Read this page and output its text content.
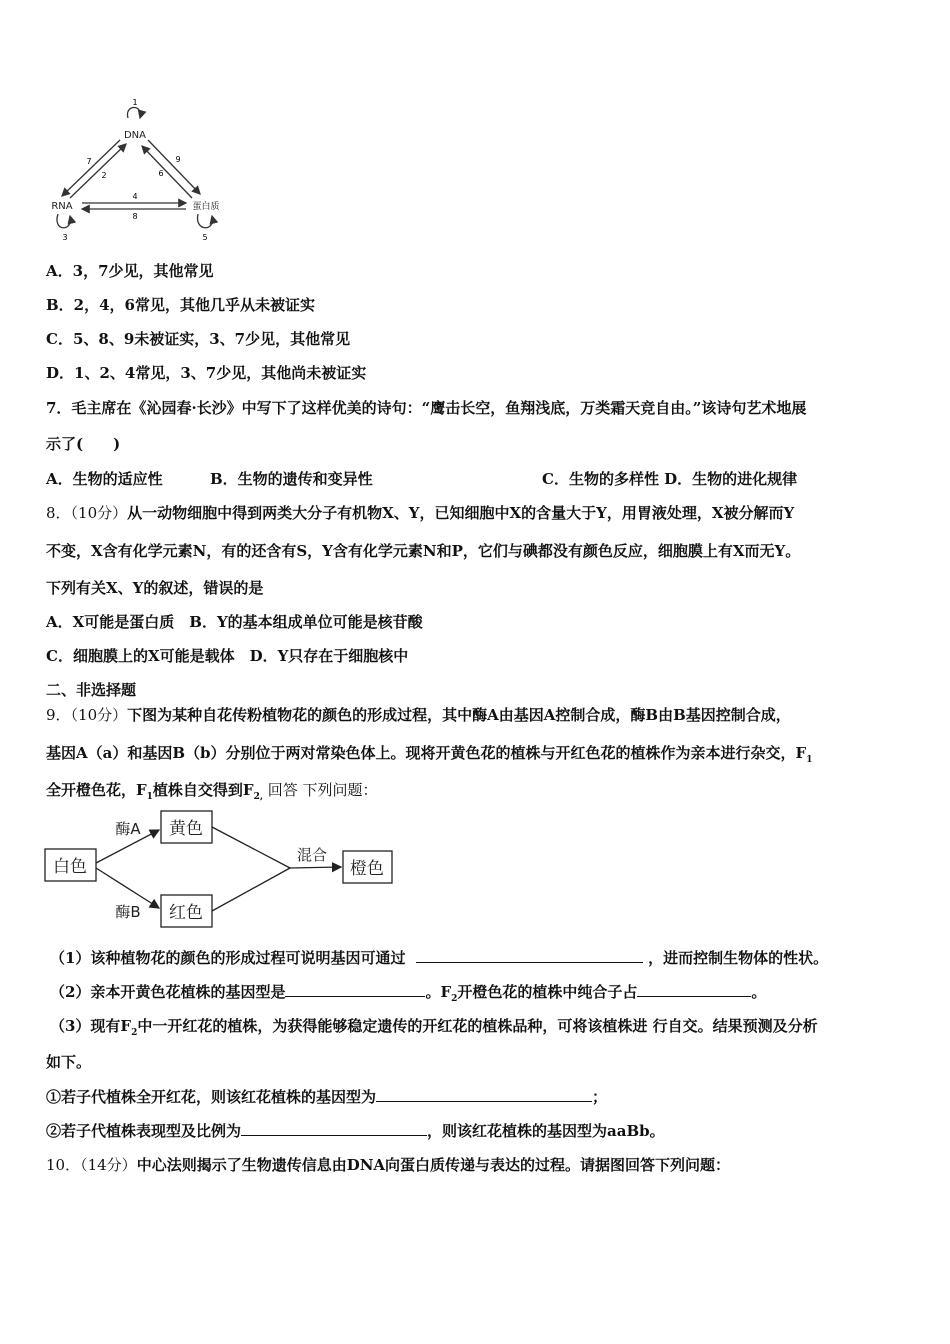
DNA
RNA	蛋白质
1
2
3
4
5
6
7
8
9
A．3，7少见，其他常见
B．2，4，6常见，其他几乎从未被证实
C．5、8、9未被证实，3、7少见，其他常见
D．1、2、4常见，3、7少见，其他尚未被证实
7．毛主席在《沁园春·长沙》中写下了这样优美的诗句：“鹰击长空，鱼翔浅底，万类霜天竞自由。”该诗句艺术地展
示了(　　)
A．生物的适应性	B．生物的遗传和变异性	C．生物的多样性 D．生物的进化规律
8．（10分）从一动物细胞中得到两类大分子有机物X、Y，已知细胞中X的含量大于Y，用胃液处理，X被分解而Y
不变，X含有化学元素N，有的还含有S，Y含有化学元素N和P，它们与碘都没有颜色反应，细胞膜上有X而无Y。
下列有关X、Y的叙述，错误的是
A．X可能是蛋白质　B．Y的基本组成单位可能是核苷酸
C．细胞膜上的X可能是载体　D．Y只存在于细胞核中
二、非选择题
9．（10分）下图为某种自花传粉植物花的颜色的形成过程，其中酶A由基因A控制合成，酶B由B基因控制合成，
基因A（a）和基因B（b）分别位于两对常染色体上。现将开黄色花的植株与开红色花的植株作为亲本进行杂交，$F_1$
全开橙色花，$F_1$植株自交得到$F_{2,}$ 回答 下列问题：
白色
黄色
红色
橙色
酶A
酶B
混合
（1）该种植物花的颜色的形成过程可说明基因可通过	，进而控制生物体的性状。
（2）亲本开黄色花植株的基因型是	。$F_2$开橙色花的植株中纯合子占	。
（3）现有$F_2$中一开红花的植株，为获得能够稳定遗传的开红花的植株品种，可将该植株进 行自交。结果预测及分析
如下。
①若子代植株全开红花，则该红花植株的基因型为	；
②若子代植株表现型及比例为	，则该红花植株的基因型为aaBb。
10．（14分）中心法则揭示了生物遗传信息由DNA向蛋白质传递与表达的过程。请据图回答下列问题：
